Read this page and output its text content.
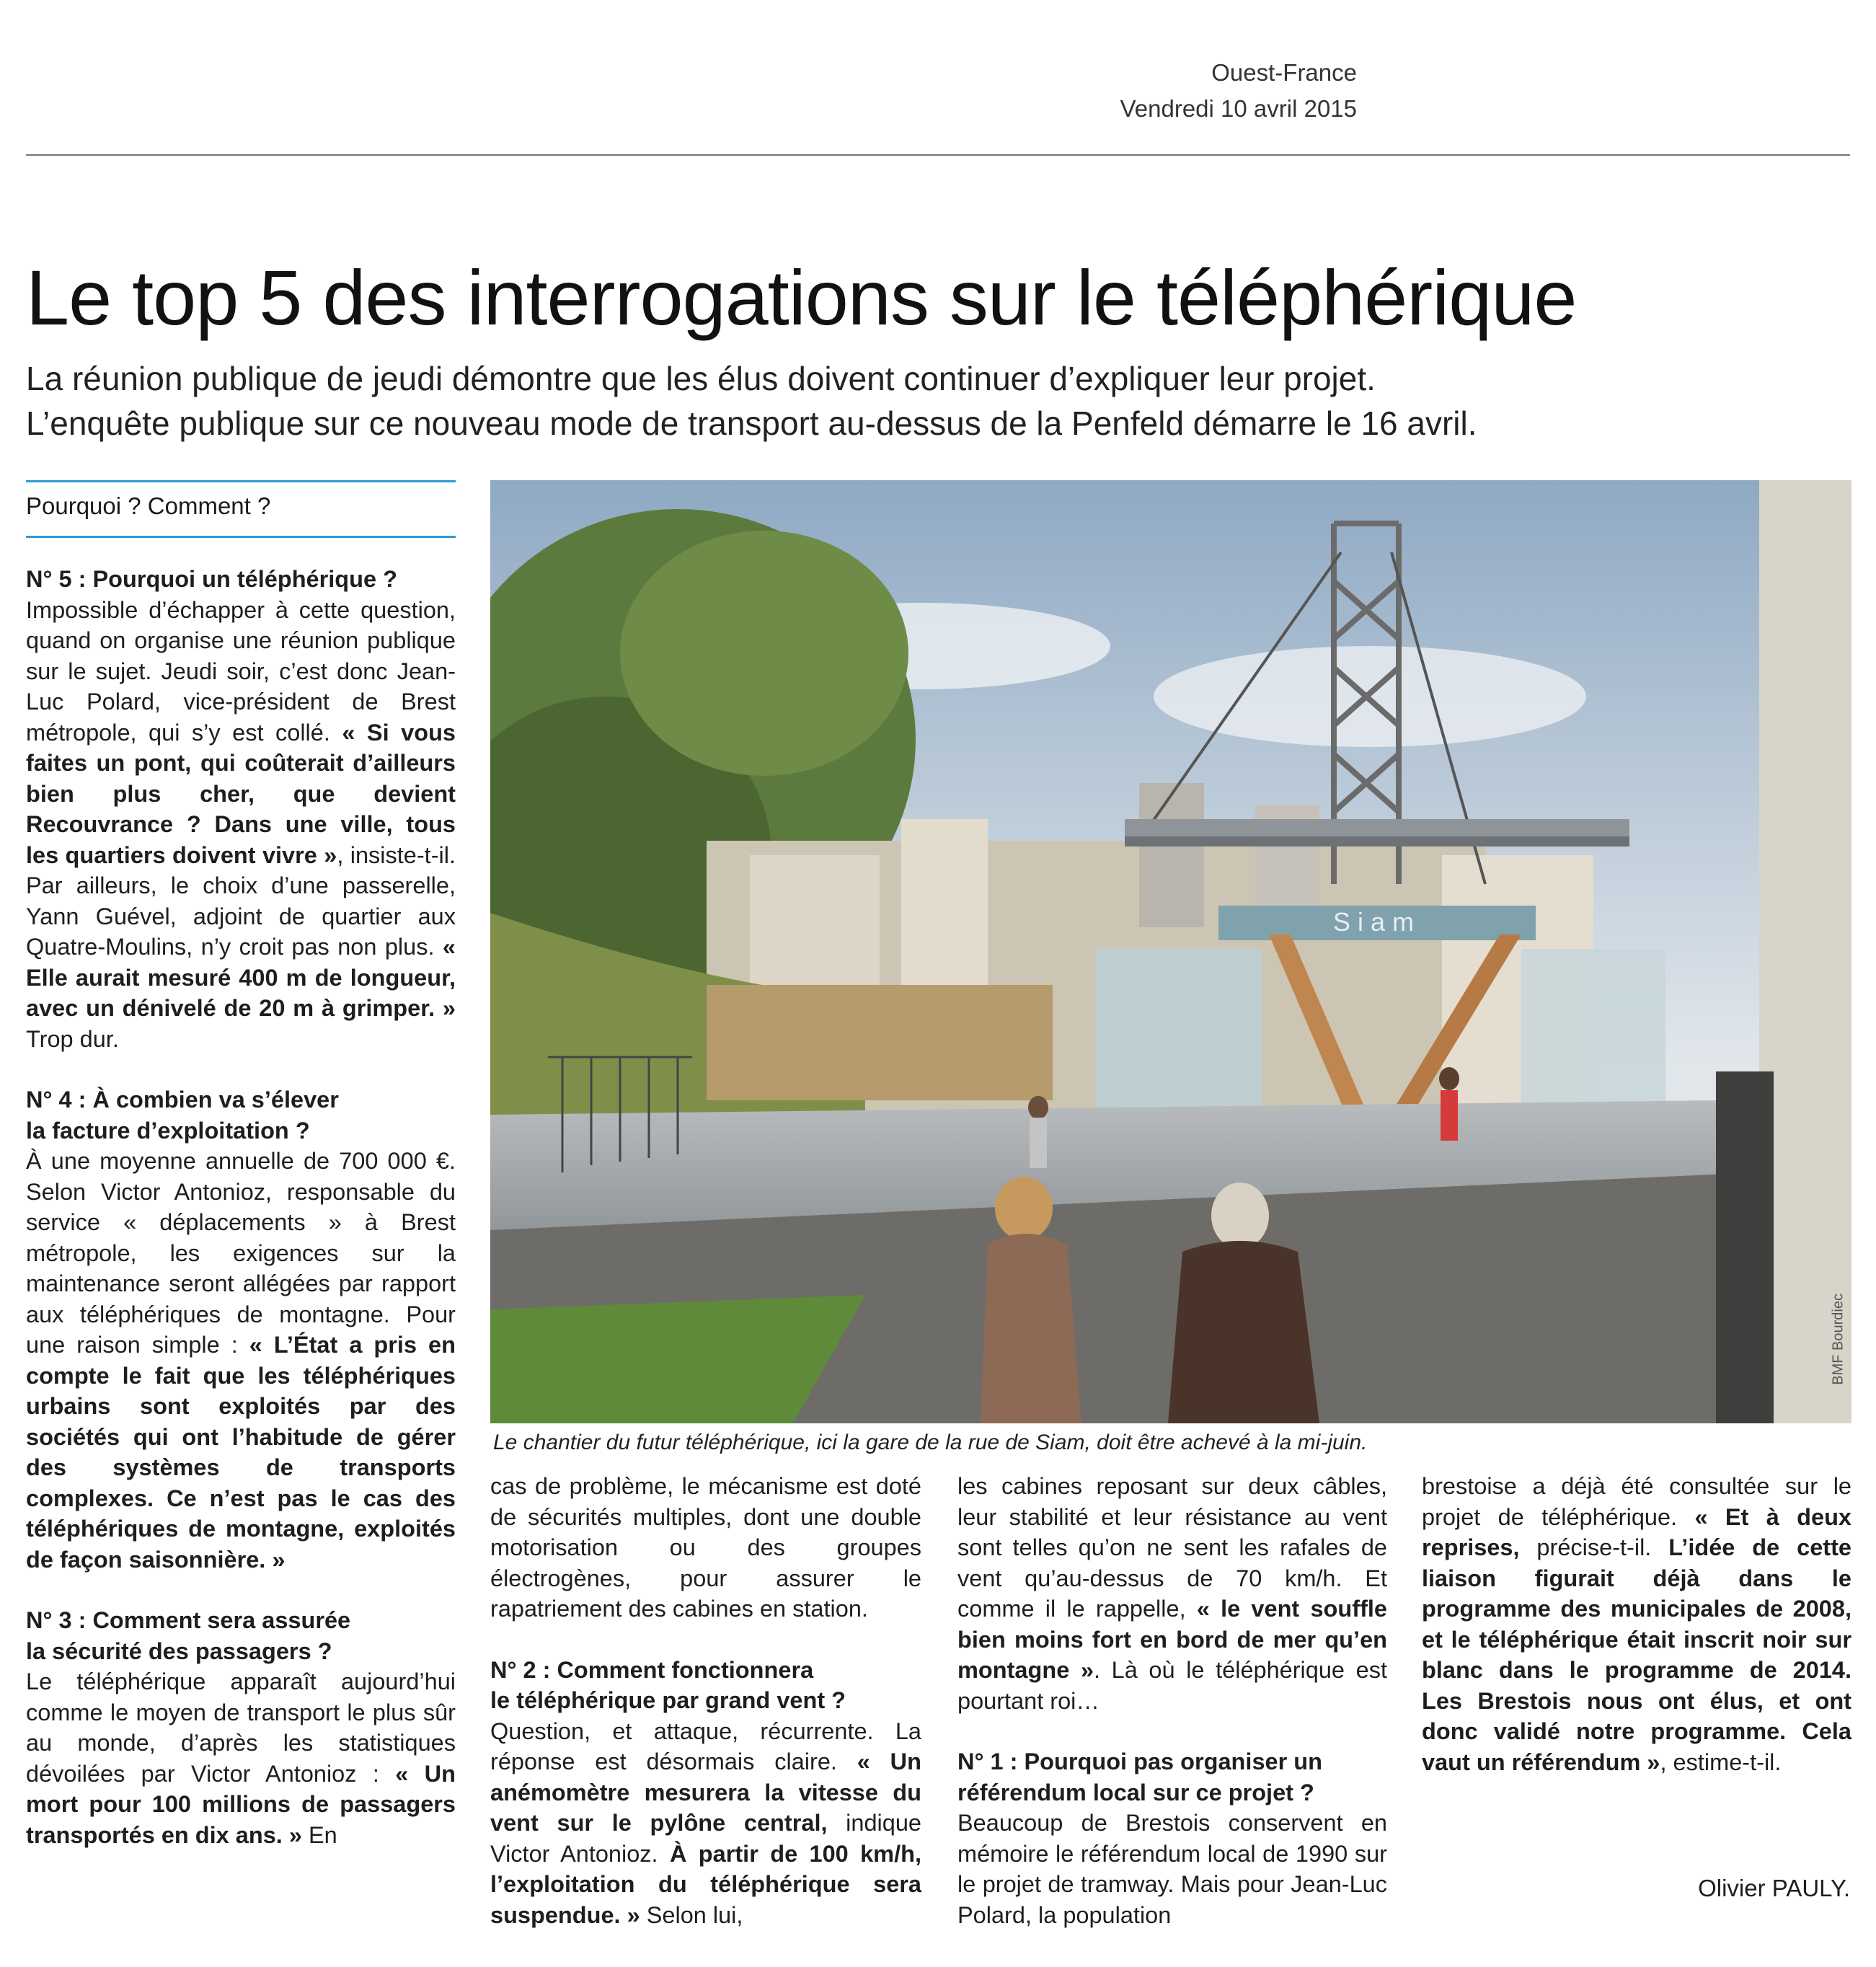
Ouest-France
Vendredi 10 avril 2015
Le top 5 des interrogations sur le téléphérique
La réunion publique de jeudi démontre que les élus doivent continuer d’expliquer leur projet.
L’enquête publique sur ce nouveau mode de transport au-dessus de la Penfeld démarre le 16 avril.
Pourquoi ? Comment ?

N° 5 : Pourquoi un téléphérique ?

Impossible d’échapper à cette question, quand on organise une réunion publique sur le sujet. Jeudi soir, c’est donc Jean-Luc Polard, vice-président de Brest métropole, qui s’y est collé. « Si vous faites un pont, qui coûterait d’ailleurs bien plus cher, que devient Recouvrance ? Dans une ville, tous les quartiers doivent vivre », insiste-t-il. Par ailleurs, le choix d’une passerelle, Yann Guével, adjoint de quartier aux Quatre-Moulins, n’y croit pas non plus. « Elle aurait mesuré 400 m de longueur, avec un dénivelé de 20 m à grimper. » Trop dur.

N° 4 : À combien va s’élever
la facture d’exploitation ?

À une moyenne annuelle de 700 000 €. Selon Victor Antonioz, responsable du service « déplacements » à Brest métropole, les exigences sur la maintenance seront allégées par rapport aux téléphériques de montagne. Pour une raison simple : « L’État a pris en compte le fait que les téléphériques urbains sont exploités par des sociétés qui ont l’habitude de gérer des systèmes de transports complexes. Ce n’est pas le cas des téléphériques de montagne, exploités de façon saisonnière. »

N° 3 : Comment sera assurée
la sécurité des passagers ?

Le téléphérique apparaît aujourd’hui comme le moyen de transport le plus sûr au monde, d’après les statistiques dévoilées par Victor Antonioz : « Un mort pour 100 millions de passagers transportés en dix ans. » En

Siam
BMF Bourdiec
Le chantier du futur téléphérique, ici la gare de la rue de Siam, doit être achevé à la mi-juin.

cas de problème, le mécanisme est doté de sécurités multiples, dont une double motorisation ou des groupes électrogènes, pour assurer le rapatriement des cabines en station.

N° 2 : Comment fonctionnera
le téléphérique par grand vent ?

Question, et attaque, récurrente. La réponse est désormais claire. « Un anémomètre mesurera la vitesse du vent sur le pylône central, indique Victor Antonioz. À partir de 100 km/h, l’exploitation du téléphérique sera suspendue. » Selon lui,

les cabines reposant sur deux câbles, leur stabilité et leur résistance au vent sont telles qu’on ne sent les rafales de vent qu’au-dessus de 70 km/h. Et comme il le rappelle, « le vent souffle bien moins fort en bord de mer qu’en montagne ». Là où le téléphérique est pourtant roi…

N° 1 : Pourquoi pas organiser un
référendum local sur ce projet ?

Beaucoup de Brestois conservent en mémoire le référendum local de 1990 sur le projet de tramway. Mais pour Jean-Luc Polard, la population

brestoise a déjà été consultée sur le projet de téléphérique. « Et à deux reprises, précise-t-il. L’idée de cette liaison figurait déjà dans le programme des municipales de 2008, et le téléphérique était inscrit noir sur blanc dans le programme de 2014. Les Brestois nous ont élus, et ont donc validé notre programme. Cela vaut un référendum », estime-t-il.

Olivier PAULY.
